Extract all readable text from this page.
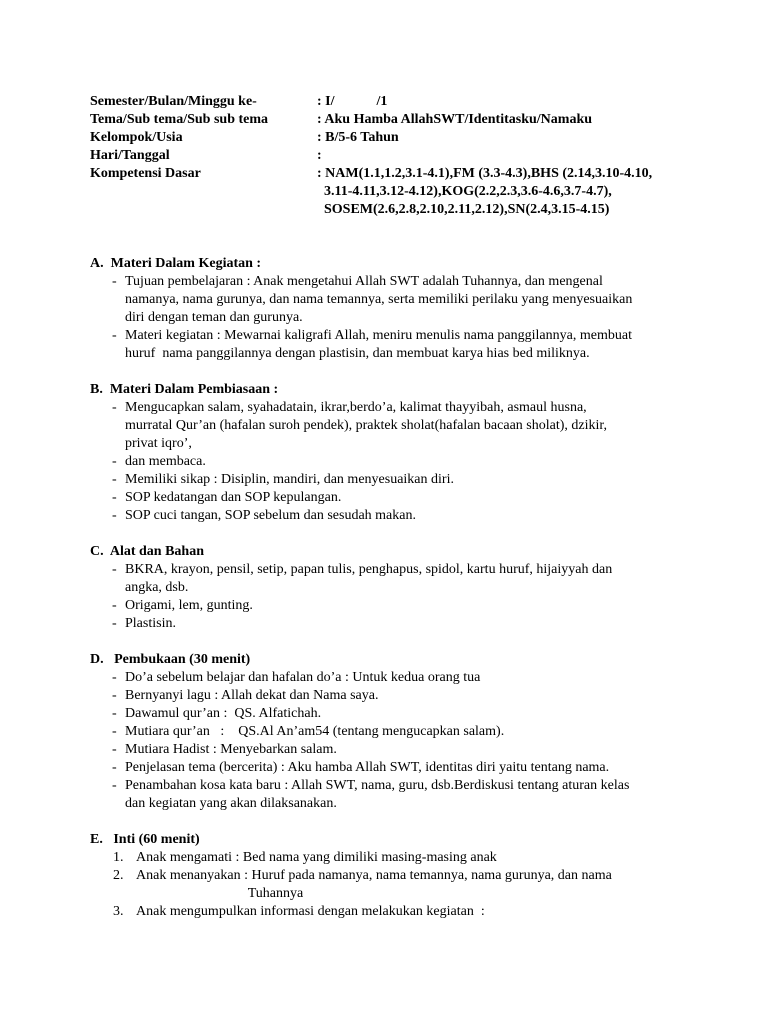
Semester/Bulan/Minggu ke-	: I/            /1
Tema/Sub tema/Sub sub tema	: Aku Hamba AllahSWT/Identitasku/Namaku
Kelompok/Usia	: B/5-6 Tahun
Hari/Tanggal	:
Kompetensi Dasar	: NAM(1.1,1.2,3.1-4.1),FM (3.3-4.3),BHS (2.14,3.10-4.10,
3.11-4.11,3.12-4.12),KOG(2.2,2.3,3.6-4.6,3.7-4.7),
SOSEM(2.6,2.8,2.10,2.11,2.12),SN(2.4,3.15-4.15)
A.  Materi Dalam Kegiatan :
- Tujuan pembelajaran : Anak mengetahui Allah SWT adalah Tuhannya, dan mengenal
namanya, nama gurunya, dan nama temannya, serta memiliki perilaku yang menyesuaikan
diri dengan teman dan gurunya.
- Materi kegiatan : Mewarnai kaligrafi Allah, meniru menulis nama panggilannya, membuat
huruf  nama panggilannya dengan plastisin, dan membuat karya hias bed miliknya.
B.  Materi Dalam Pembiasaan :
- Mengucapkan salam, syahadatain, ikrar,berdo’a, kalimat thayyibah, asmaul husna,
murratal Qur’an (hafalan suroh pendek), praktek sholat(hafalan bacaan sholat), dzikir,
privat iqro’,
- dan membaca.
- Memiliki sikap : Disiplin, mandiri, dan menyesuaikan diri.
- SOP kedatangan dan SOP kepulangan.
- SOP cuci tangan, SOP sebelum dan sesudah makan.
C.  Alat dan Bahan
- BKRA, krayon, pensil, setip, papan tulis, penghapus, spidol, kartu huruf, hijaiyyah dan
angka, dsb.
- Origami, lem, gunting.
- Plastisin.
D.   Pembukaan (30 menit)
- Do’a sebelum belajar dan hafalan do’a : Untuk kedua orang tua
- Bernyanyi lagu : Allah dekat dan Nama saya.
- Dawamul qur’an :  QS. Alfatichah.
- Mutiara qur’an   :    QS.Al An’am54 (tentang mengucapkan salam).
- Mutiara Hadist : Menyebarkan salam.
- Penjelasan tema (bercerita) : Aku hamba Allah SWT, identitas diri yaitu tentang nama.
- Penambahan kosa kata baru : Allah SWT, nama, guru, dsb.Berdiskusi tentang aturan kelas
dan kegiatan yang akan dilaksanakan.
E.   Inti (60 menit)
1. Anak mengamati : Bed nama yang dimiliki masing-masing anak
2. Anak menanyakan : Huruf pada namanya, nama temannya, nama gurunya, dan nama
Tuhannya
3. Anak mengumpulkan informasi dengan melakukan kegiatan  :
